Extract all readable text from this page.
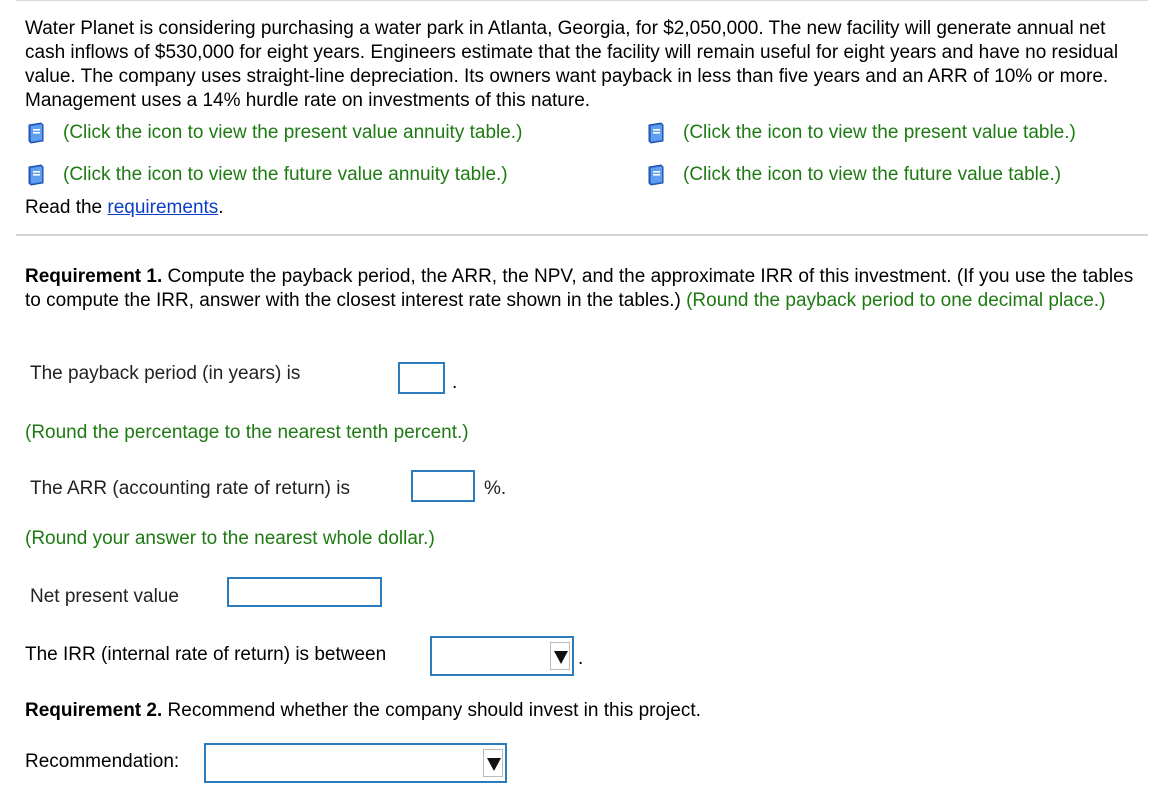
Water Planet is considering purchasing a water park in Atlanta, Georgia, for $2,050,000. The new facility will generate annual net cash inflows of $530,000 for eight years. Engineers estimate that the facility will remain useful for eight years and have no residual value. The company uses straight-line depreciation. Its owners want payback in less than five years and an ARR of 10% or more. Management uses a 14% hurdle rate on investments of this nature.
(Click the icon to view the present value annuity table.)	(Click the icon to view the present value table.)
(Click the icon to view the future value annuity table.)	(Click the icon to view the future value table.)
Read the requirements.
Requirement 1. Compute the payback period, the ARR, the NPV, and the approximate IRR of this investment. (If you use the tables to compute the IRR, answer with the closest interest rate shown in the tables.) (Round the payback period to one decimal place.)
The payback period (in years) is	.
(Round the percentage to the nearest tenth percent.)
The ARR (accounting rate of return) is	%.
(Round your answer to the nearest whole dollar.)
Net present value
The IRR (internal rate of return) is between	.
Requirement 2. Recommend whether the company should invest in this project.
Recommendation:
